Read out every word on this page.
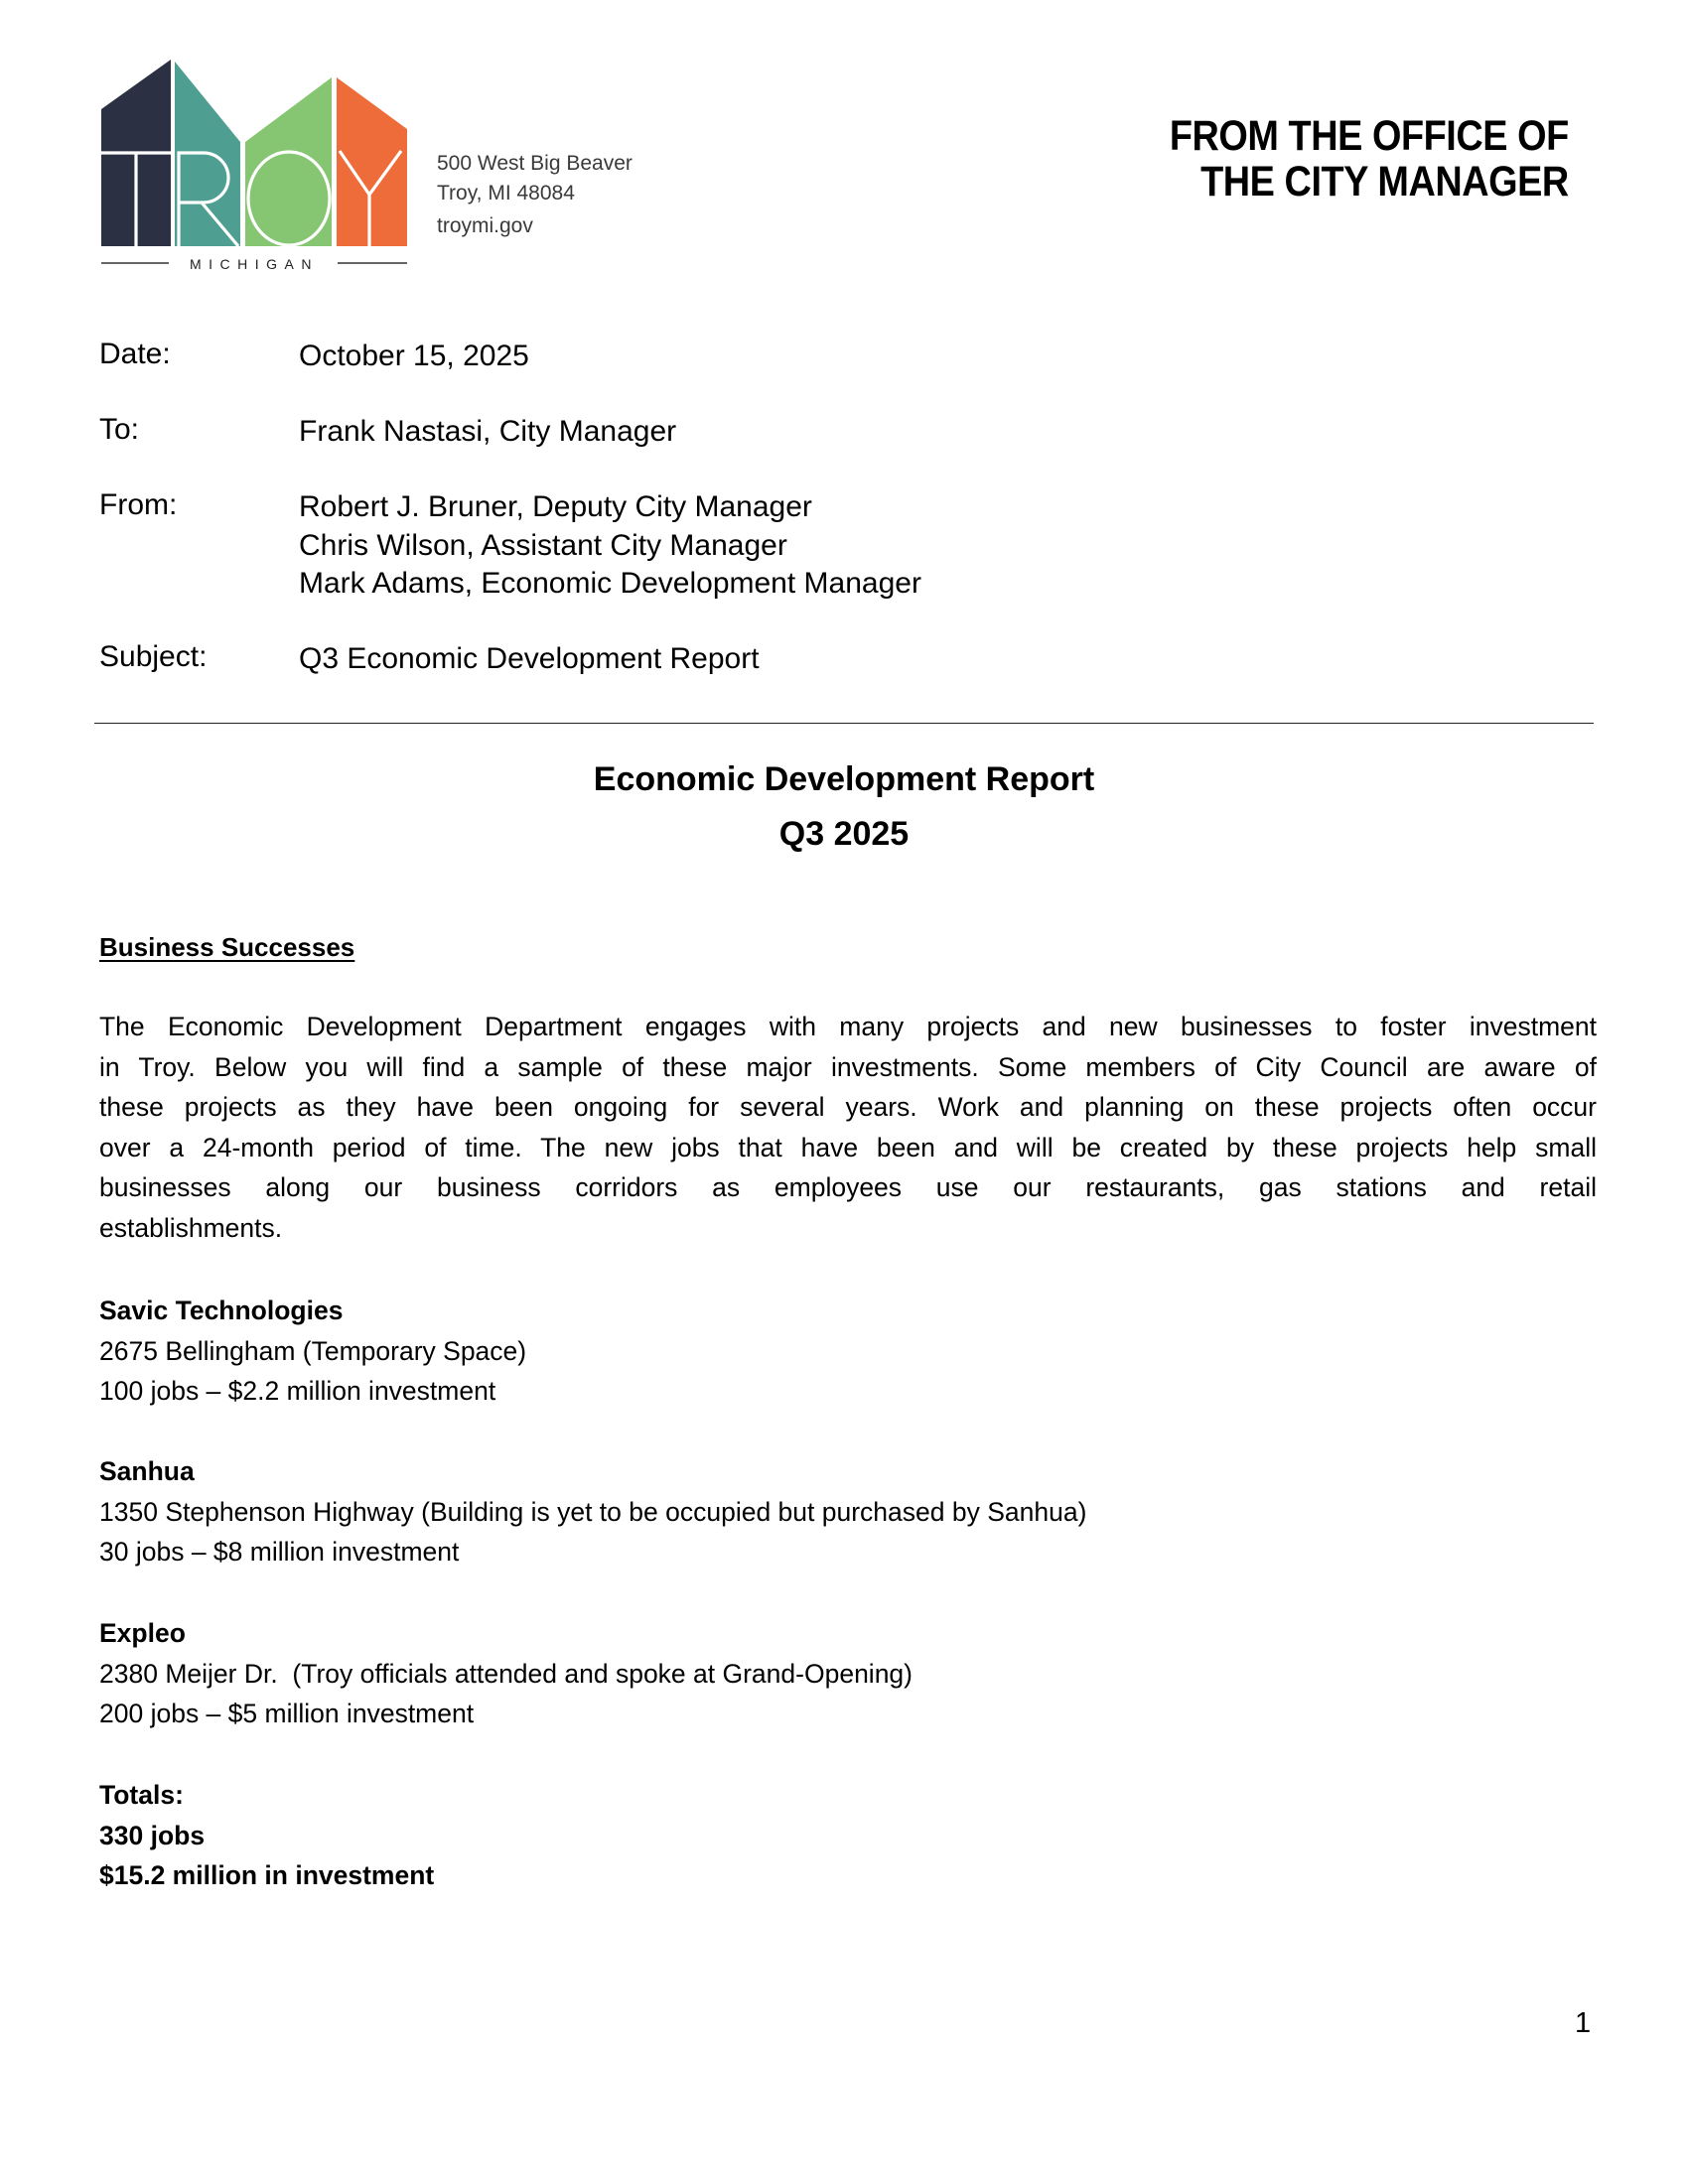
MICHIGAN
500 West Big Beaver
Troy, MI 48084
troymi.gov
FROM THE OFFICE OF
THE CITY MANAGER
Date:	October 15, 2025
To:	Frank Nastasi, City Manager
From:	Robert J. Bruner, Deputy City Manager
Chris Wilson, Assistant City Manager
Mark Adams, Economic Development Manager
Subject:	Q3 Economic Development Report
Economic Development Report
Q3 2025
Business Successes
The Economic Development Department engages with many projects and new businesses to foster investment
in Troy. Below you will find a sample of these major investments. Some members of City Council are aware of
these projects as they have been ongoing for several years. Work and planning on these projects often occur
over a 24-month period of time. The new jobs that have been and will be created by these projects help small
businesses along our business corridors as employees use our restaurants, gas stations and retail
establishments.
Savic Technologies
2675 Bellingham (Temporary Space)
100 jobs – $2.2 million investment
Sanhua
1350 Stephenson Highway (Building is yet to be occupied but purchased by Sanhua)
30 jobs – $8 million investment
Expleo
2380 Meijer Dr.  (Troy officials attended and spoke at Grand-Opening)
200 jobs – $5 million investment
Totals:
330 jobs
$15.2 million in investment
1
